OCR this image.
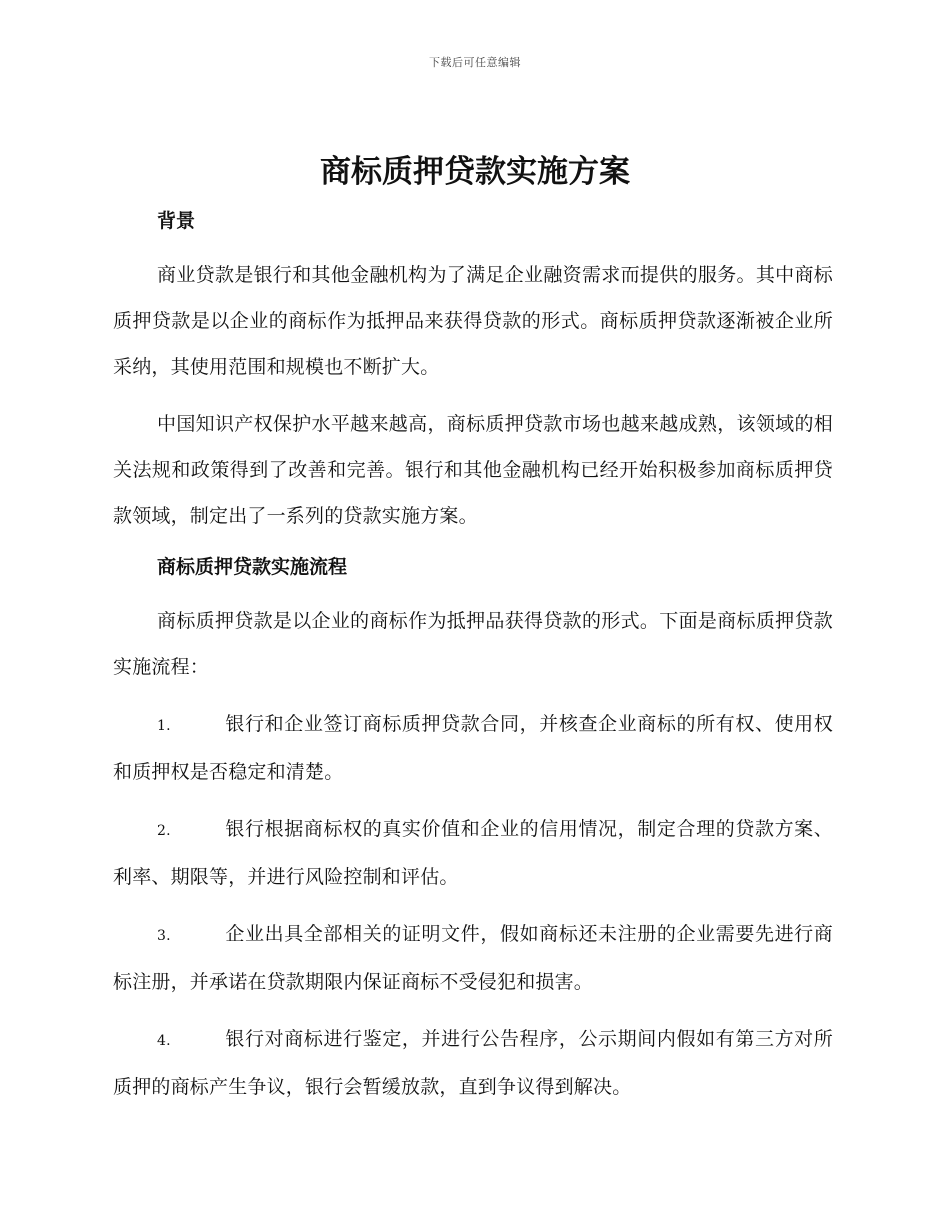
下载后可任意编辑
商标质押贷款实施方案
背景

商业贷款是银行和其他金融机构为了满足企业融资需求而提供的服务。其中商标质押贷款是以企业的商标作为抵押品来获得贷款的形式。商标质押贷款逐渐被企业所采纳，其使用范围和规模也不断扩大。

中国知识产权保护水平越来越高，商标质押贷款市场也越来越成熟，该领域的相关法规和政策得到了改善和完善。银行和其他金融机构已经开始积极参加商标质押贷款领域，制定出了一系列的贷款实施方案。

商标质押贷款实施流程

商标质押贷款是以企业的商标作为抵押品获得贷款的形式。下面是商标质押贷款实施流程：

1.	银行和企业签订商标质押贷款合同，并核查企业商标的所有权、使用权和质押权是否稳定和清楚。
2.	银行根据商标权的真实价值和企业的信用情况，制定合理的贷款方案、利率、期限等，并进行风险控制和评估。
3.	企业出具全部相关的证明文件，假如商标还未注册的企业需要先进行商标注册，并承诺在贷款期限内保证商标不受侵犯和损害。
4.	银行对商标进行鉴定，并进行公告程序，公示期间内假如有第三方对所质押的商标产生争议，银行会暂缓放款，直到争议得到解决。
